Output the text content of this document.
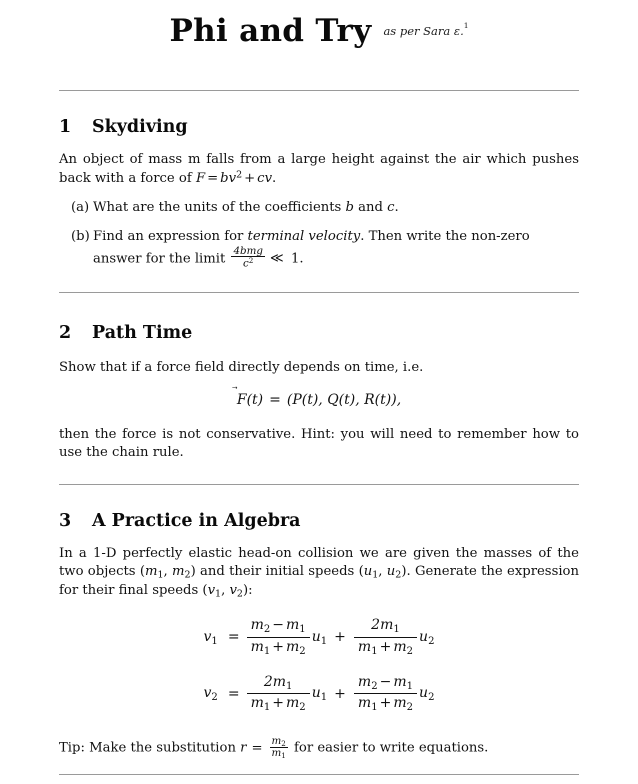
Phi and Try $^{as per Sara \varepsilon.^1}$
1	Skydiving

An object of mass m falls from a large height against the air which pushes back with a force of $F = bv^2$ + cv.

(a) What are the units of the coefficients b and c.
(b) Find an expression for terminal velocity. Then write the non-zero answer for the limit $\frac{\text{4bmg}}{c^2}$ ≪ 1.
2	Path Time

Show that if a force field directly depends on time, i.e.

F(t) = (P(t), Q(t), R(t)),

then the force is not conservative. Hint: you will need to remember how to use the chain rule.

3	A Practice in Algebra

In a 1-D perfectly elastic head-on collision we are given the masses of the two objects ($m_1$, $m_2$) and their initial speeds ($u_1$, $u_2$). Generate the expression for their final speeds ($v_1$, $v_2$):

$v_1 = \frac{m_2 - m_1}{m_1 + m_2} u_1 + \frac{2m_1}{m_1 + m_2} u_2$
$v_2 = \frac{2m_1}{m_1 + m_2} u_1 + \frac{m_2 - m_1}{m_1 + m_2} u_2$

Tip: Make the substitution $r = \frac{m_2}{m_1}$ for easier to write equations.
